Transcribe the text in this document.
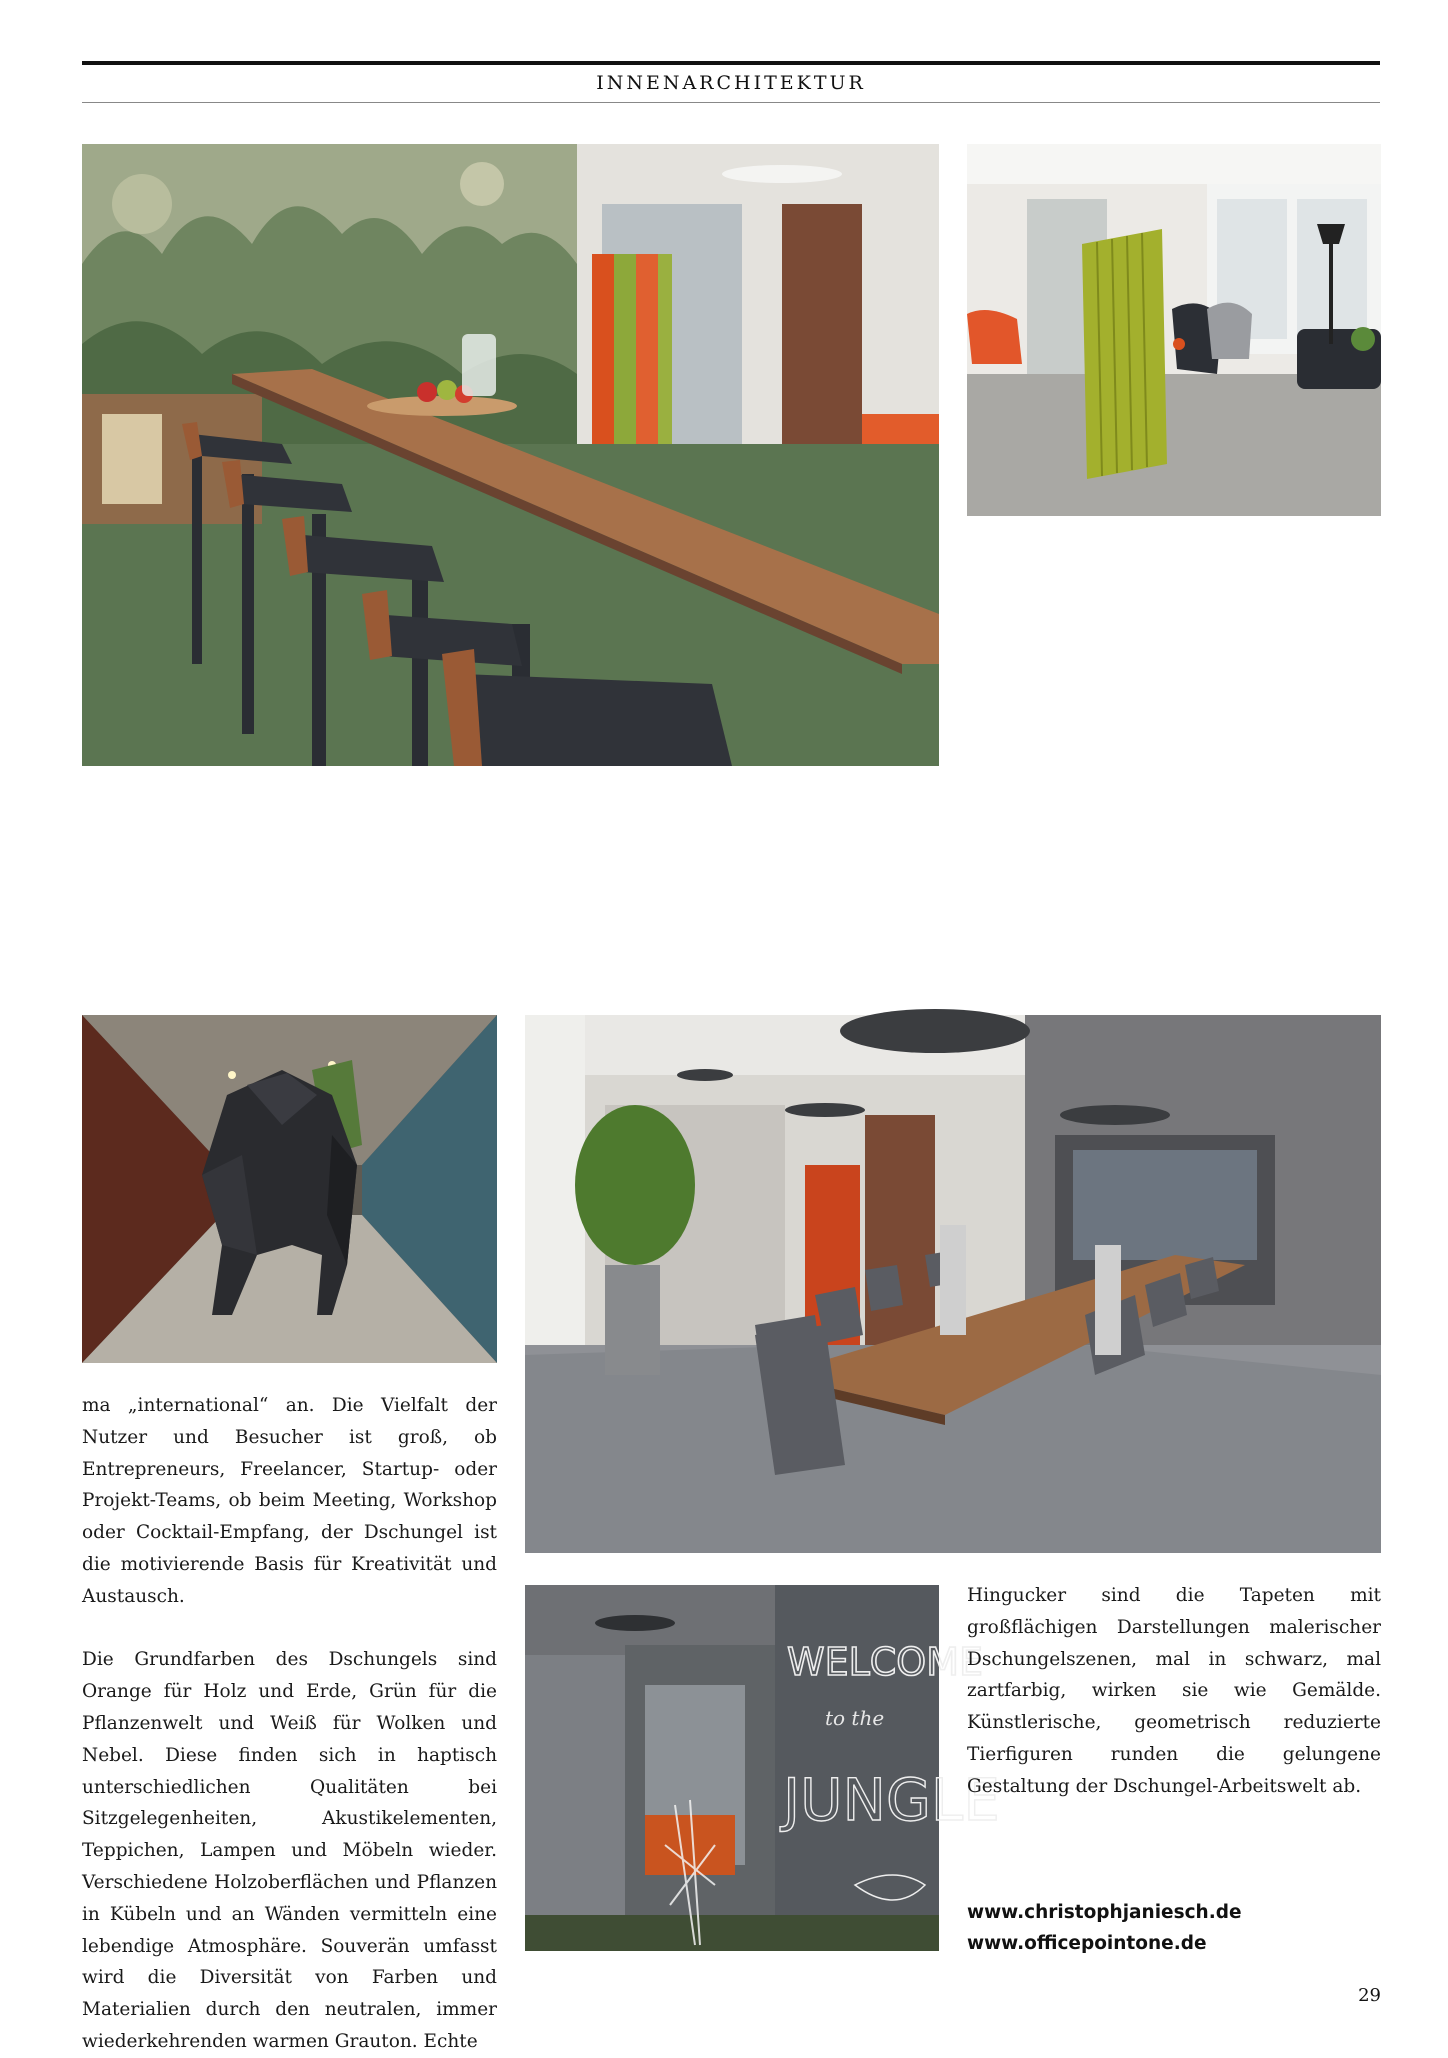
INNENARCHITEKTUR
WELCOME
to the
JUNGLE

ma „international“ an. Die Vielfalt der Nutzer und Besucher ist groß, ob Entrepreneurs, Freelancer, Startup- oder Projekt-Teams, ob beim Meeting, Workshop oder Cocktail-Empfang, der Dschungel ist die motivierende Basis für Kreativität und Austausch.

Die Grundfarben des Dschungels sind Orange für Holz und Erde, Grün für die Pflanzenwelt und Weiß für Wolken und Nebel. Diese finden sich in haptisch unterschiedlichen Qualitäten bei Sitzgelegenheiten, Akustikelementen, Teppichen, Lampen und Möbeln wieder. Verschiedene Holzoberflächen und Pflanzen in Kübeln und an Wänden vermitteln eine lebendige Atmosphäre. Souverän umfasst wird die Diversität von Farben und Materialien durch den neutralen, immer wiederkehrenden warmen Grauton. Echte

Hingucker sind die Tapeten mit großflächigen Darstellungen malerischer Dschungelszenen, mal in schwarz, mal zartfarbig, wirken sie wie Gemälde. Künstlerische, geometrisch reduzierte Tierfiguren runden die gelungene Gestaltung der Dschungel-Arbeitswelt ab.

www.christophjaniesch.de
www.officepointone.de
29
